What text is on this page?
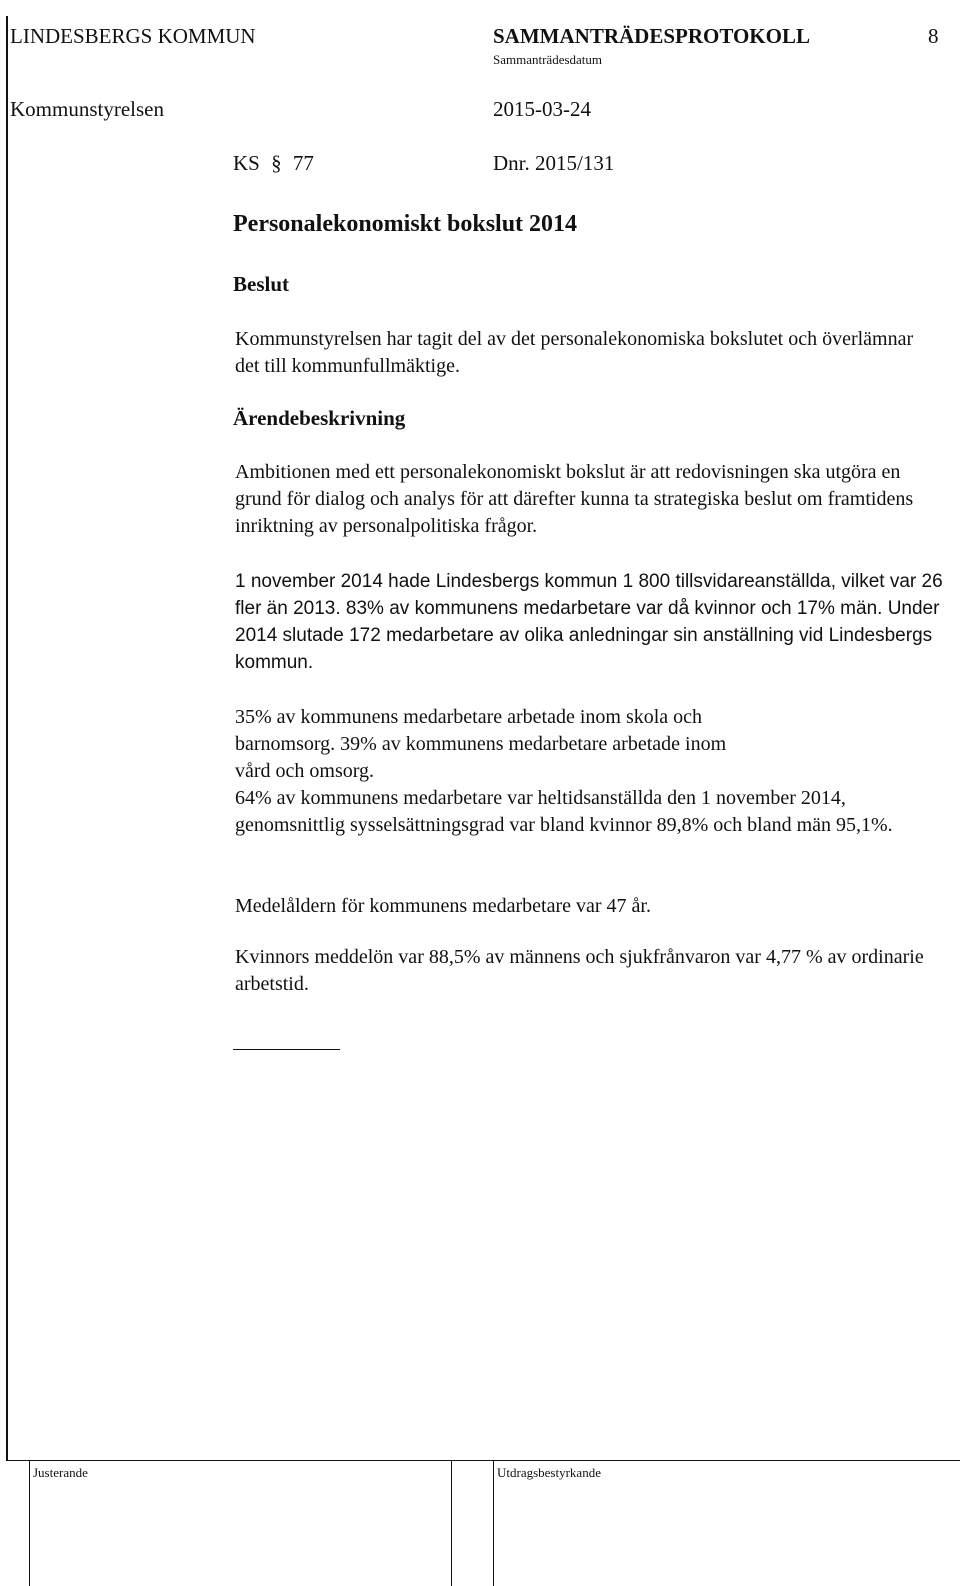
LINDESBERGS KOMMUN	SAMMANTRÄDESPROTOKOLL	8
Sammanträdesdatum
Kommunstyrelsen	2015-03-24
KS § 77	Dnr. 2015/131
Personalekonomiskt bokslut 2014
Beslut
Kommunstyrelsen har tagit del av det personalekonomiska bokslutet och överlämnar det till kommunfullmäktige.
Ärendebeskrivning
Ambitionen med ett personalekonomiskt bokslut är att redovisningen ska utgöra en grund för dialog och analys för att därefter kunna ta strategiska beslut om framtidens inriktning av personalpolitiska frågor.
1 november 2014 hade Lindesbergs kommun 1 800 tillsvidareanställda, vilket var 26 fler än 2013. 83% av kommunens medarbetare var då kvinnor och 17% män. Under 2014 slutade 172 medarbetare av olika anledningar sin anställning vid Lindesbergs kommun.
35% av kommunens medarbetare arbetade inom skola och barnomsorg. 39% av kommunens medarbetare arbetade inom vård och omsorg.
64% av kommunens medarbetare var heltidsanställda den 1 november 2014, genomsnittlig sysselsättningsgrad var bland kvinnor 89,8% och bland män 95,1%.
Medelåldern för kommunens medarbetare var 47 år.
Kvinnors meddelön var 88,5% av männens och sjukfrånvaron var 4,77 % av ordinarie arbetstid.
Justerande	Utdragsbestyrkande
